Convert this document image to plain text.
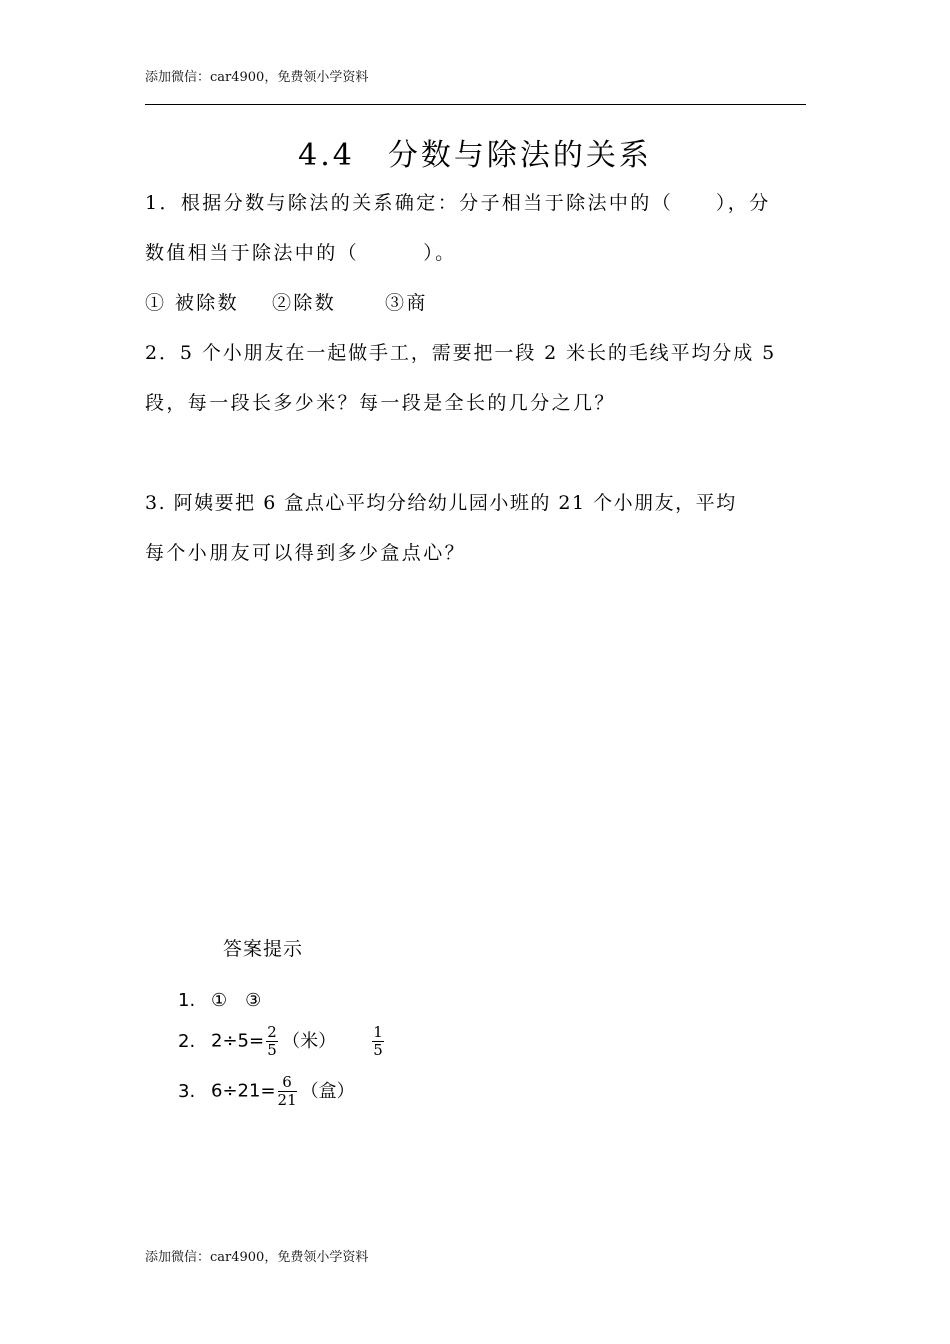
添加微信：car4900，免费领小学资料
4.4　分数与除法的关系
1．根据分数与除法的关系确定：分子相当于除法中的（　　），分
数值相当于除法中的（　　　）。
① 被除数 ②除数	③商
2．5 个小朋友在一起做手工，需要把一段 2 米长的毛线平均分成 5
段，每一段长多少米？每一段是全长的几分之几？
3. 阿姨要把 6 盒点心平均分给幼儿园小班的 21 个小朋友，平均
每个小朋友可以得到多少盒点心？
答案提示
1. ①　③
2. $2\div 5= \frac{2}{5}$ （米） $\frac{1}{5}$
3. $6\div 21= \frac{6}{21}$ （盒）
添加微信：car4900，免费领小学资料
